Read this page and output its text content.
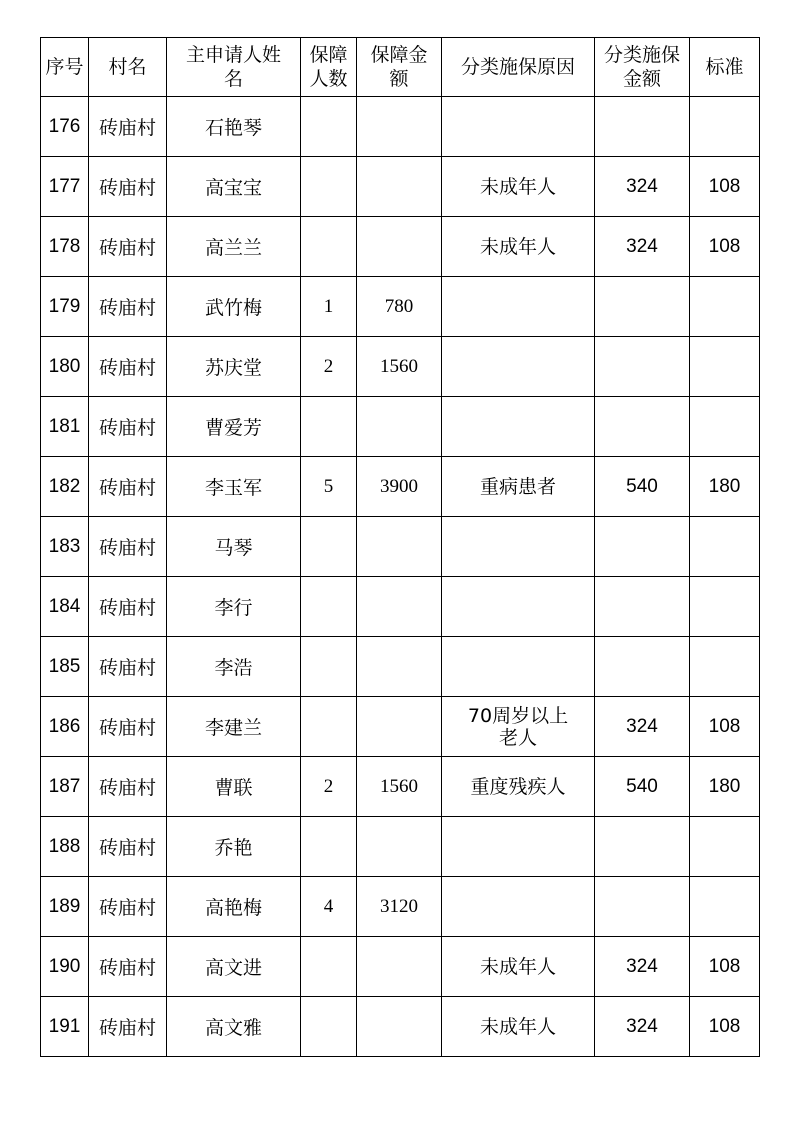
序号	村名	主申请人姓名	保障人数	保障金额	分类施保原因	分类施保金额	标准
176	砖庙村	石艳琴					
177	砖庙村	高宝宝			未成年人	324	108
178	砖庙村	高兰兰			未成年人	324	108
179	砖庙村	武竹梅	1	780			
180	砖庙村	苏庆堂	2	1560			
181	砖庙村	曹爱芳					
182	砖庙村	李玉军	5	3900	重病患者	540	180
183	砖庙村	马琴					
184	砖庙村	李行					
185	砖庙村	李浩					
186	砖庙村	李建兰			70周岁以上老人	324	108
187	砖庙村	曹联	2	1560	重度残疾人	540	180
188	砖庙村	乔艳					
189	砖庙村	高艳梅	4	3120			
190	砖庙村	高文进			未成年人	324	108
191	砖庙村	高文雅			未成年人	324	108
